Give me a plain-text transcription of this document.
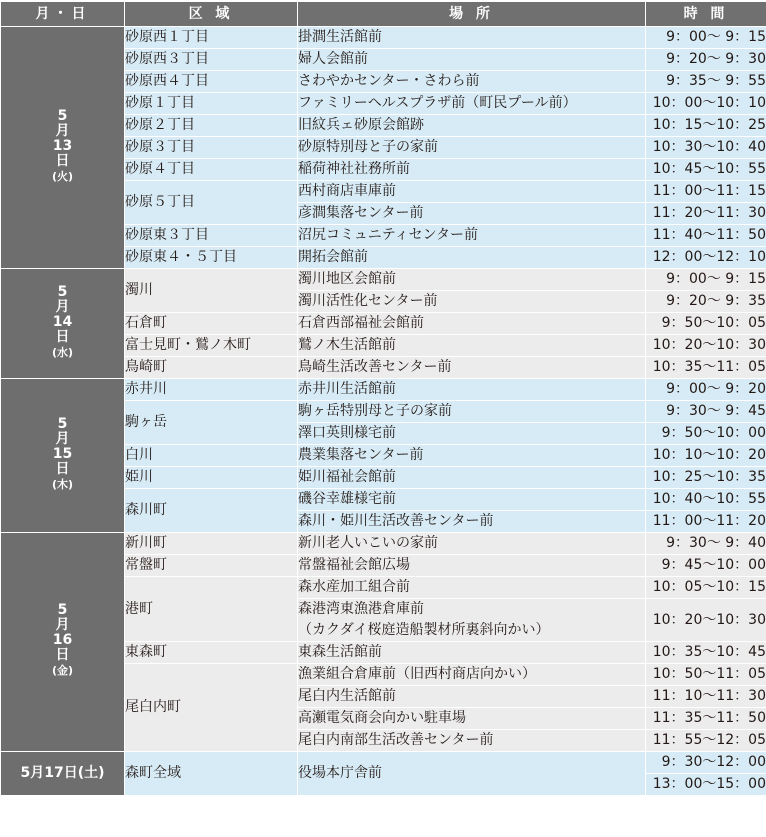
月・日	区 域	場 所	時 間

5
月
13
日
(火)	砂原西１丁目	掛澗生活館前	9：00～ 9：15
	砂原西３丁目	婦人会館前	9：20～ 9：30
	砂原西４丁目	さわやかセンター・さわら前	9：35～ 9：55
	砂原１丁目	ファミリーヘルスプラザ前（町民プール前）	10：00～10：10
	砂原２丁目	旧紋兵ェ砂原会館跡	10：15～10：25
	砂原３丁目	砂原特別母と子の家前	10：30～10：40
	砂原４丁目	稲荷神社社務所前	10：45～10：55
	砂原５丁目	西村商店車庫前	11：00～11：15
		彦澗集落センター前	11：20～11：30
	砂原東３丁目	沼尻コミュニティセンター前	11：40～11：50
	砂原東４・５丁目	開拓会館前	12：00～12：10

5
月
14
日
(水)	濁川	濁川地区会館前	9：00～ 9：15
		濁川活性化センター前	9：20～ 9：35
	石倉町	石倉西部福祉会館前	9：50～10：05
	富士見町・鷲ノ木町	鷲ノ木生活館前	10：20～10：30
	鳥崎町	鳥崎生活改善センター前	10：35～11：05

5
月
15
日
(木)	赤井川	赤井川生活館前	9：00～ 9：20
	駒ヶ岳	駒ヶ岳特別母と子の家前	9：30～ 9：45
		澤口英則様宅前	9：50～10：00
	白川	農業集落センター前	10：10～10：20
	姫川	姫川福祉会館前	10：25～10：35
	森川町	磯谷幸雄様宅前	10：40～10：55
		森川・姫川生活改善センター前	11：00～11：20

5
月
16
日
(金)	新川町	新川老人いこいの家前	9：30～ 9：40
	常盤町	常盤福祉会館広場	9：45～10：00
	港町	森水産加工組合前	10：05～10：15

		森港湾東漁港倉庫前
（カクダイ桜庭造船製材所裏斜向かい）	10：20～10：30
	東森町	東森生活館前	10：35～10：45
	尾白内町	漁業組合倉庫前（旧西村商店向かい）	10：50～11：05
		尾白内生活館前	11：10～11：30
		高瀬電気商会向かい駐車場	11：35～11：50
		尾白内南部生活改善センター前	11：55～12：05
5月17日(土)	森町全域	役場本庁舎前	9：30～12：00
			13：00～15：00
